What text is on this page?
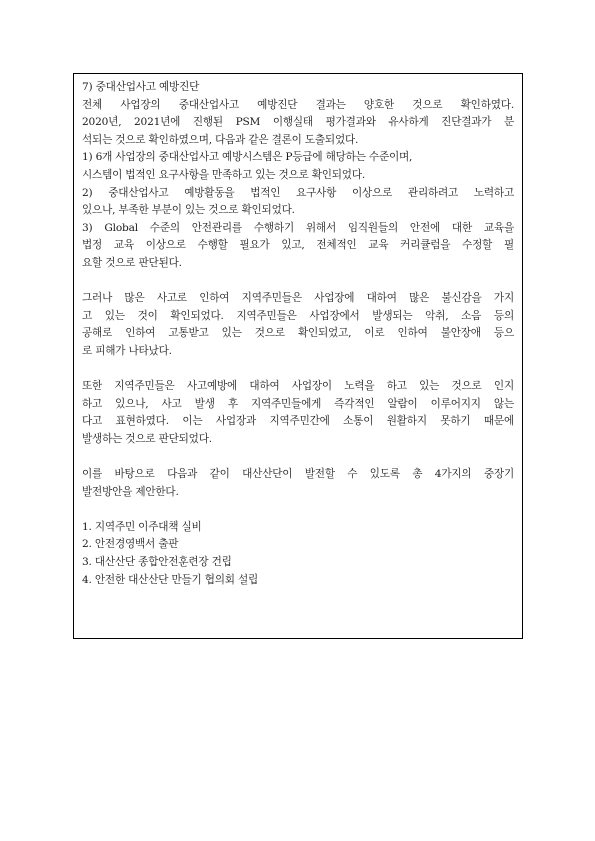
7) 중대산업사고 예방진단
전체 사업장의 중대산업사고 예방진단 결과는 양호한 것으로 확인하였다.
2020년, 2021년에 진행된 PSM 이행실태 평가결과와 유사하게 진단결과가 분
석되는 것으로 확인하였으며, 다음과 같은 결론이 도출되었다.
1) 6개 사업장의 중대산업사고 예방시스템은 P등급에 해당하는 수준이며,
시스템이 법적인 요구사항을 만족하고 있는 것으로 확인되었다.
2) 중대산업사고 예방활동을 법적인 요구사항 이상으로 관리하려고 노력하고
있으나, 부족한 부분이 있는 것으로 확인되었다.
3) Global 수준의 안전관리를 수행하기 위해서 임직원들의 안전에 대한 교육을
법정 교육 이상으로 수행할 필요가 있고, 전체적인 교육 커리큘럼을 수정할 필
요할 것으로 판단된다.
그러나 많은 사고로 인하여 지역주민들은 사업장에 대하여 많은 불신감을 가지
고 있는 것이 확인되었다. 지역주민들은 사업장에서 발생되는 악취, 소음 등의
공해로 인하여 고통받고 있는 것으로 확인되었고, 이로 인하여 불안장애 등으
로 피해가 나타났다.
또한 지역주민들은 사고예방에 대하여 사업장이 노력을 하고 있는 것으로 인지
하고 있으나, 사고 발생 후 지역주민들에게 즉각적인 알람이 이루어지지 않는
다고 표현하였다. 이는 사업장과 지역주민간에 소통이 원활하지 못하기 때문에
발생하는 것으로 판단되었다.
이를 바탕으로 다음과 같이 대산산단이 발전할 수 있도록 총 4가지의 중장기
발전방안을 제안한다.
1. 지역주민 이주대책 실비
2. 안전경영백서 출판
3. 대산산단 종합안전훈련장 건립
4. 안전한 대산산단 만들기 협의회 설립
